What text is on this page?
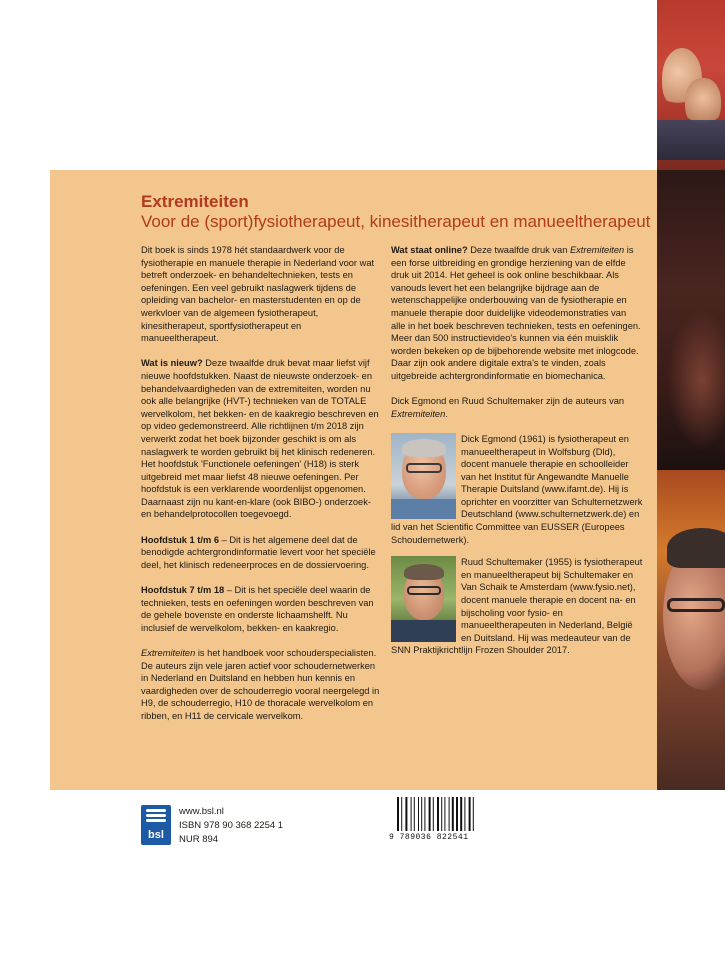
Extremiteiten
Voor de (sport)fysiotherapeut, kinesitherapeut en manueeltherapeut

Dit boek is sinds 1978 hét standaardwerk voor de fysiotherapie en manuele therapie in Nederland voor wat betreft onderzoek- en behandeltechnieken, tests en oefeningen. Een veel gebruikt naslagwerk tijdens de opleiding van bachelor- en masterstudenten en op de werkvloer van de algemeen fysiotherapeut, kinesitherapeut, sportfysiotherapeut en manueeltherapeut.

Wat is nieuw? Deze twaalfde druk bevat maar liefst vijf nieuwe hoofdstukken. Naast de nieuwste onderzoek- en behandelvaardigheden van de extremiteiten, worden nu ook alle belangrijke (HVT-) technieken van de TOTALE wervelkolom, het bekken- en de kaakregio beschreven en op video gedemonstreerd. Alle richtlijnen t/m 2018 zijn verwerkt zodat het boek bijzonder geschikt is om als naslagwerk te worden gebruikt bij het klinisch redeneren. Het hoofdstuk 'Functionele oefeningen' (H18) is sterk uitgebreid met maar liefst 48 nieuwe oefeningen. Per hoofdstuk is een verklarende woordenlijst opgenomen. Daarnaast zijn nu kant-en-klare (ook BIBO-) onderzoek- en behandelprotocollen toegevoegd.

Hoofdstuk 1 t/m 6 – Dit is het algemene deel dat de benodigde achtergrondinformatie levert voor het speciële deel, het klinisch redeneerproces en de dossiervoering.

Hoofdstuk 7 t/m 18 – Dit is het speciële deel waarin de technieken, tests en oefeningen worden beschreven van de gehele bovenste en onderste lichaamshelft. Nu inclusief de wervelkolom, bekken- en kaakregio.

Extremiteiten is het handboek voor schouderspecialisten. De auteurs zijn vele jaren actief voor schoudernetwerken in Nederland en Duitsland en hebben hun kennis en vaardigheden over de schouderregio vooral neergelegd in H9, de schouderregio, H10 de thoracale wervelkolom en ribben, en H11 de cervicale wervelkom.

Wat staat online? Deze twaalfde druk van Extremiteiten is een forse uitbreiding en grondige herziening van de elfde druk uit 2014. Het geheel is ook online beschikbaar. Als vanouds levert het een belangrijke bijdrage aan de wetenschappelijke onderbouwing van de fysiotherapie en manuele therapie door duidelijke videodemonstraties van alle in het boek beschreven technieken, tests en oefeningen. Meer dan 500 instructievideo's kunnen via één muisklik worden bekeken op de bijbehorende website met inlogcode. Daar zijn ook andere digitale extra's te vinden, zoals uitgebreide achtergrondinformatie en biomechanica.

Dick Egmond en Ruud Schultemaker zijn de auteurs van Extremiteiten.

Dick Egmond (1961) is fysiotherapeut en manueeltherapeut in Wolfsburg (Dld), docent manuele therapie en schoolleider van het Institut für Angewandte Manuelle Therapie Duitsland (www.ifamt.de). Hij is oprichter en voorzitter van Schulternetzwerk Deutschland (www.schulternetzwerk.de) en lid van het Scientific Committee van EUSSER (Europees Schoudernetwerk).
Ruud Schultemaker (1955) is fysiotherapeut en manueeltherapeut bij Schultemaker en Van Schaik te Amsterdam (www.fysio.net), docent manuele therapie en docent na- en bijscholing voor fysio- en manueeltherapeuten in Nederland, België en Duitsland. Hij was medeauteur van de SNN Praktijkrichtlijn Frozen Shoulder 2017.
bsl
www.bsl.nl
ISBN 978 90 368 2254 1
NUR 894	9 789036 822541
